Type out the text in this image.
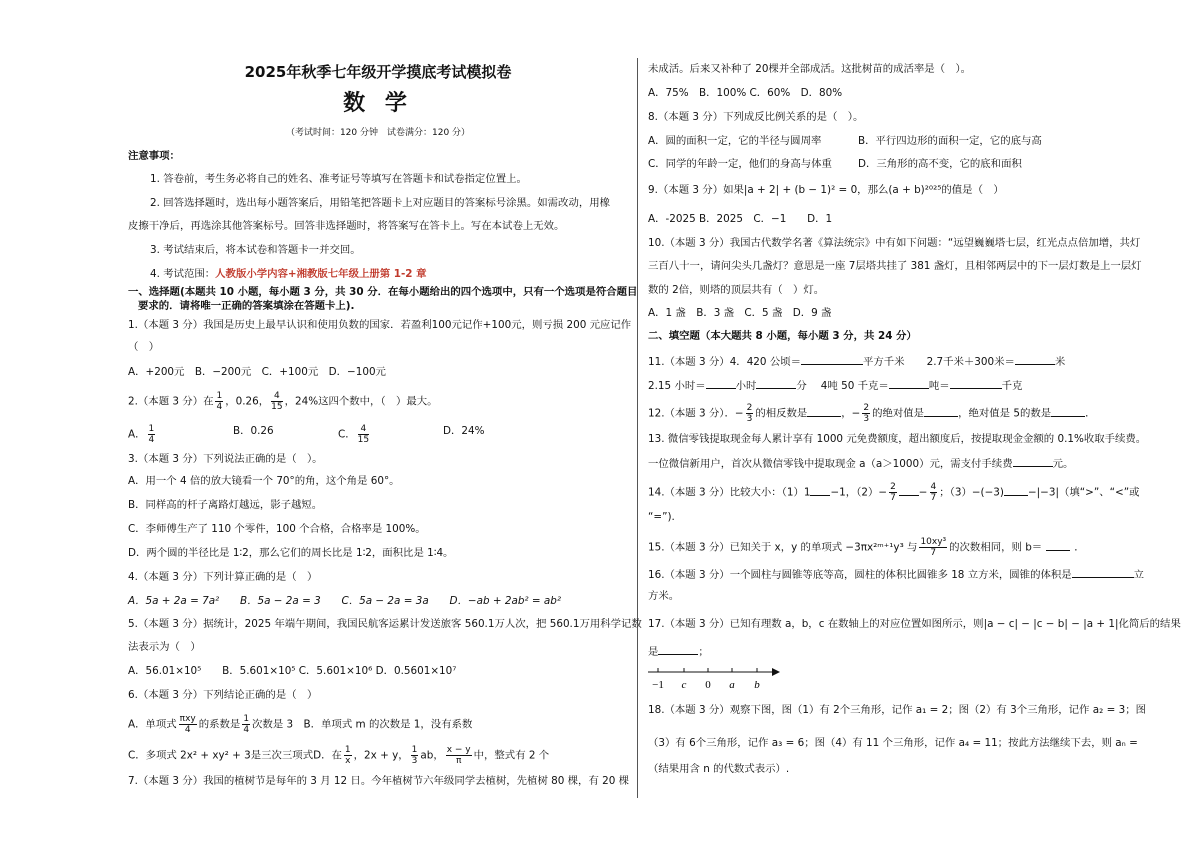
2025年秋季七年级开学摸底考试模拟卷
数 学
（考试时间：120 分钟　试卷满分：120 分）
注意事项：
1. 答卷前，考生务必将自己的姓名、准考证号等填写在答题卡和试卷指定位置上。
2. 回答选择题时，选出每小题答案后，用铅笔把答题卡上对应题目的答案标号涂黑。如需改动，用橡
皮擦干净后，再选涂其他答案标号。回答非选择题时，将答案写在答卡上。写在本试卷上无效。
3. 考试结束后，将本试卷和答题卡一并交回。
4. 考试范围：人教版小学内容+湘教版七年级上册第 1-2 章
一、选择题(本题共 10 小题，每小题 3 分，共 30 分．在每小题给出的四个选项中，只有一个选项是符合题目
要求的．请将唯一正确的答案填涂在答题卡上).
1.（本题 3 分）我国是历史上最早认识和使用负数的国家．若盈利100元记作+100元，则亏损 200 元应记作
（　）
A．+200元　B．−200元　C．+100元　D．−100元
2.（本题 3 分）在 $\frac{1}{4}$ ，0.26， $\frac{4}{15}$ ，24%这四个数中，（　）最大。
A． $\frac{1}{4}$	B．0.26	C． $\frac{4}{15}$	D．24%
3.（本题 3 分）下列说法正确的是（　）。
A．用一个 4 倍的放大镜看一个 70°的角，这个角是 60°。
B．同样高的杆子离路灯越远，影子越短。
C．李师傅生产了 110 个零件，100 个合格，合格率是 100%。
D．两个圆的半径比是 1∶2，那么它们的周长比是 1∶2，面积比是 1∶4。
4.（本题 3 分）下列计算正确的是（　）
A．5a + 2a = 7a²　　B．5a − 2a = 3　　C．5a − 2a = 3a　　D．−ab + 2ab² = ab²
5.（本题 3 分）据统计，2025 年端午期间，我国民航客运累计发送旅客 560.1万人次，把 560.1万用科学记数
法表示为（　）
A．56.01×10⁵　　B．5.601×10⁵ C．5.601×10⁶ D．0.5601×10⁷
6.（本题 3 分）下列结论正确的是（　）
A．单项式 $\frac{\text{πxy}}{4}$ 的系数是 $\frac{1}{4}$ 次数是 3　B．单项式 m 的次数是 1，没有系数
C．多项式 2x² + xy² + 3是三次三项式D．在 $\frac{1}{x}$ ，2x + y， $\frac{1}{3}$ ab， $\frac{x - y}{\pi}$ 中，整式有 2 个
7.（本题 3 分）我国的植树节是每年的 3 月 12 日。今年植树节六年级同学去植树，先植树 80 棵，有 20 棵
未成活。后来又补种了 20棵并全部成活。这批树苗的成活率是（　）。
A．75%　B．100% C．60%　D．80%
8.（本题 3 分）下列成反比例关系的是（　）。
A．圆的面积一定，它的半径与圆周率	B．平行四边形的面积一定，它的底与高
C．同学的年龄一定，他们的身高与体重	D．三角形的高不变，它的底和面积
9.（本题 3 分）如果|a + 2| + (b − 1)² = 0，那么(a + b)²⁰²⁵的值是（　）
A．-2025 B．2025　C．−1　　D．1
10.（本题 3 分）我国古代数学名著《算法统宗》中有如下问题：“远望巍巍塔七层，红光点点倍加增，共灯
三百八十一，请问尖头几盏灯？意思是一座 7层塔共挂了 381 盏灯，且相邻两层中的下一层灯数是上一层灯
数的 2倍，则塔的顶层共有（　）灯。
A．1 盏　B．3 盏　C．5 盏　D．9 盏
二、填空题（本大题共 8 小题，每小题 3 分，共 24 分）
11.（本题 3 分）4．420 公顷＝	平方千米 2.7千米＋300米＝	米
2.15 小时＝	小时	分 4吨 50 千克＝	吨＝	千克
12.（本题 3 分）．− $\frac{2}{3}$ 的相反数是	，− $\frac{2}{3}$ 的绝对值是	，绝对值是 5的数是	．
13. 微信零钱提取现金每人累计享有 1000 元免费额度，超出额度后，按提取现金金额的 0.1%收取手续费。
一位微信新用户，首次从微信零钱中提取现金 a（a＞1000）元，需支付手续费	元。
14.（本题 3 分）比较大小：（1）1 −1，$(2)- \frac{2}{7} - \frac{4}{7}$ ；（3）−(−3) −|−3|（填“>”、“<”或
“=”).
15.（本题 3 分）已知关于 x，y 的单项式 −3πx²ᵐ⁺¹y³ 与 $\frac{\text{10xy³}}{7}$ 的次数相同，则 b＝	．
16.（本题 3 分）一个圆柱与圆锥等底等高，圆柱的体积比圆锥多 18 立方米，圆锥的体积是	立
方米。
17.（本题 3 分）已知有理数 a，b，c 在数轴上的对应位置如图所示，则|a − c| − |c − b| − |a + 1|化简后的结果
是	；
18.（本题 3 分）观察下图，图（1）有 2个三角形，记作 a₁ = 2；图（2）有 3个三角形，记作 a₂ = 3；图
（3）有 6个三角形，记作 a₃ = 6；图（4）有 11 个三角形，记作 a₄ = 11；按此方法继续下去，则 aₙ =
（结果用含 n 的代数式表示）.
−1 c 0 a b
